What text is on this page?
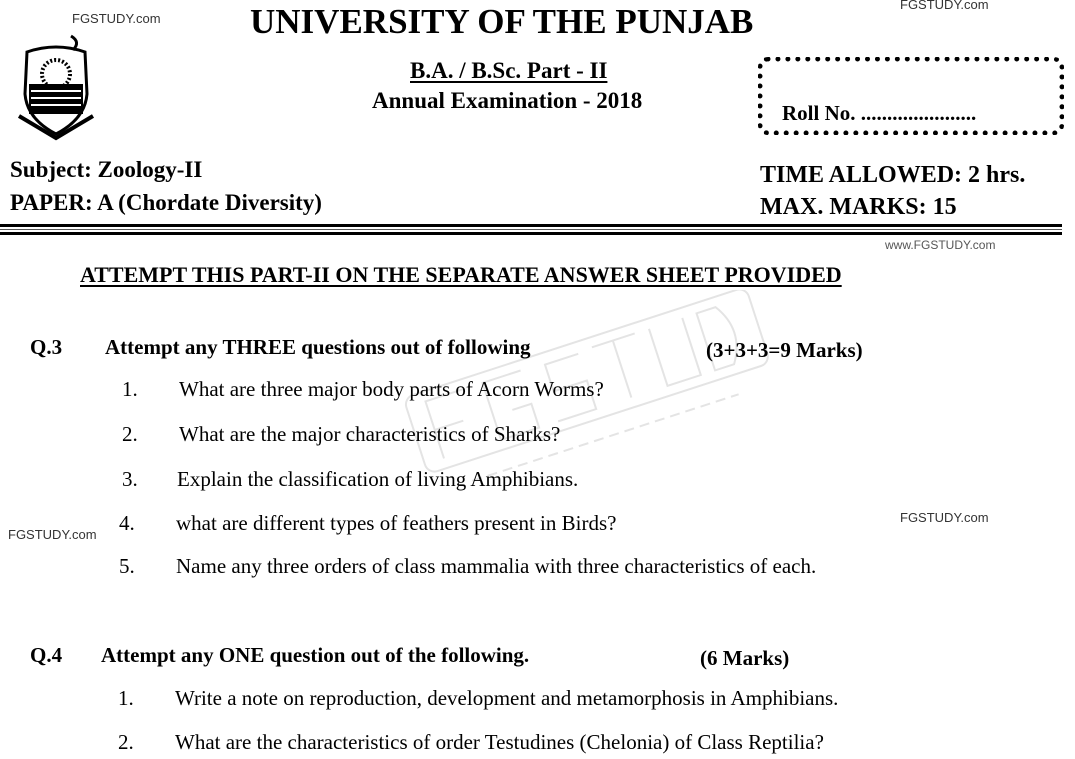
FGSTUDY.com
FGSTUDY.com
UNIVERSITY OF THE PUNJAB
B.A. / B.Sc. Part - II
Annual Examination - 2018	Roll No. ......................
Subject: Zoology-II
PAPER: A (Chordate Diversity)
TIME ALLOWED: 2 hrs.
MAX. MARKS: 15
www.FGSTUDY.com
ATTEMPT THIS PART-II ON THE SEPARATE ANSWER SHEET PROVIDED
Q.3 Attempt any THREE questions out of following	(3+3+3=9 Marks)
1. What are three major body parts of Acorn Worms?
2. What are the major characteristics of Sharks?
3. Explain the classification of living Amphibians.
4. what are different types of feathers present in Birds?
5. Name any three orders of class mammalia with three characteristics of each.
FGSTUDY.com
FGSTUDY.com
Q.4 Attempt any ONE question out of the following.	(6 Marks)
1. Write a note on reproduction, development and metamorphosis in Amphibians.
2. What are the characteristics of order Testudines (Chelonia) of Class Reptilia?
